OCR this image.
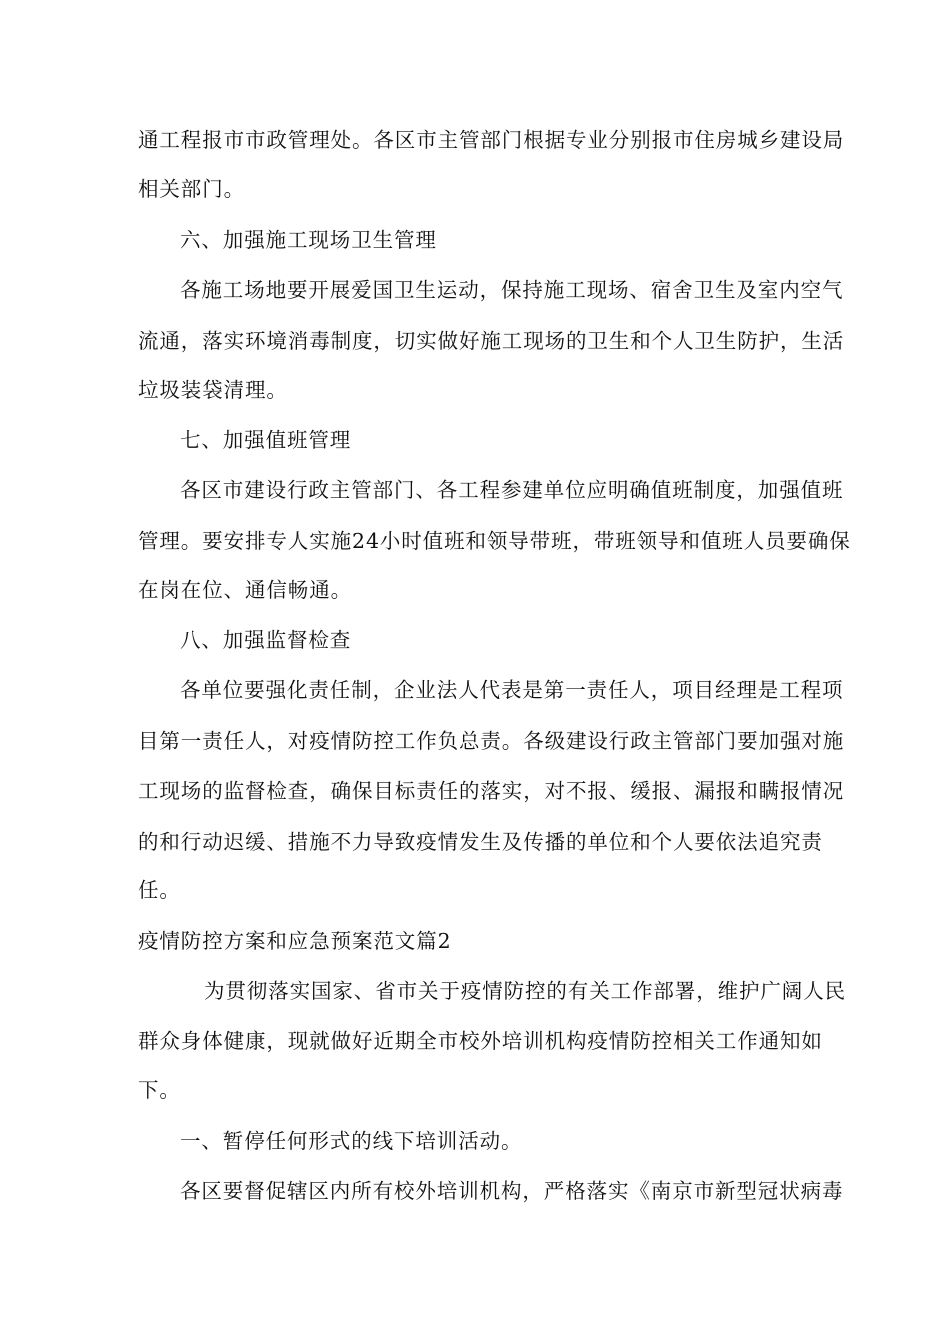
通工程报市市政管理处。各区市主管部门根据专业分别报市住房城乡建设局
相关部门。
六、加强施工现场卫生管理
各施工场地要开展爱国卫生运动，保持施工现场、宿舍卫生及室内空气
流通，落实环境消毒制度，切实做好施工现场的卫生和个人卫生防护，生活
垃圾装袋清理。
七、加强值班管理
各区市建设行政主管部门、各工程参建单位应明确值班制度，加强值班
管理。要安排专人实施24小时值班和领导带班，带班领导和值班人员要确保
在岗在位、通信畅通。
八、加强监督检查
各单位要强化责任制，企业法人代表是第一责任人，项目经理是工程项
目第一责任人，对疫情防控工作负总责。各级建设行政主管部门要加强对施
工现场的监督检查，确保目标责任的落实，对不报、缓报、漏报和瞒报情况
的和行动迟缓、措施不力导致疫情发生及传播的单位和个人要依法追究责
任。
疫情防控方案和应急预案范文篇2
为贯彻落实国家、省市关于疫情防控的有关工作部署，维护广阔人民
群众身体健康，现就做好近期全市校外培训机构疫情防控相关工作通知如
下。
一、暂停任何形式的线下培训活动。
各区要督促辖区内所有校外培训机构，严格落实《南京市新型冠状病毒
